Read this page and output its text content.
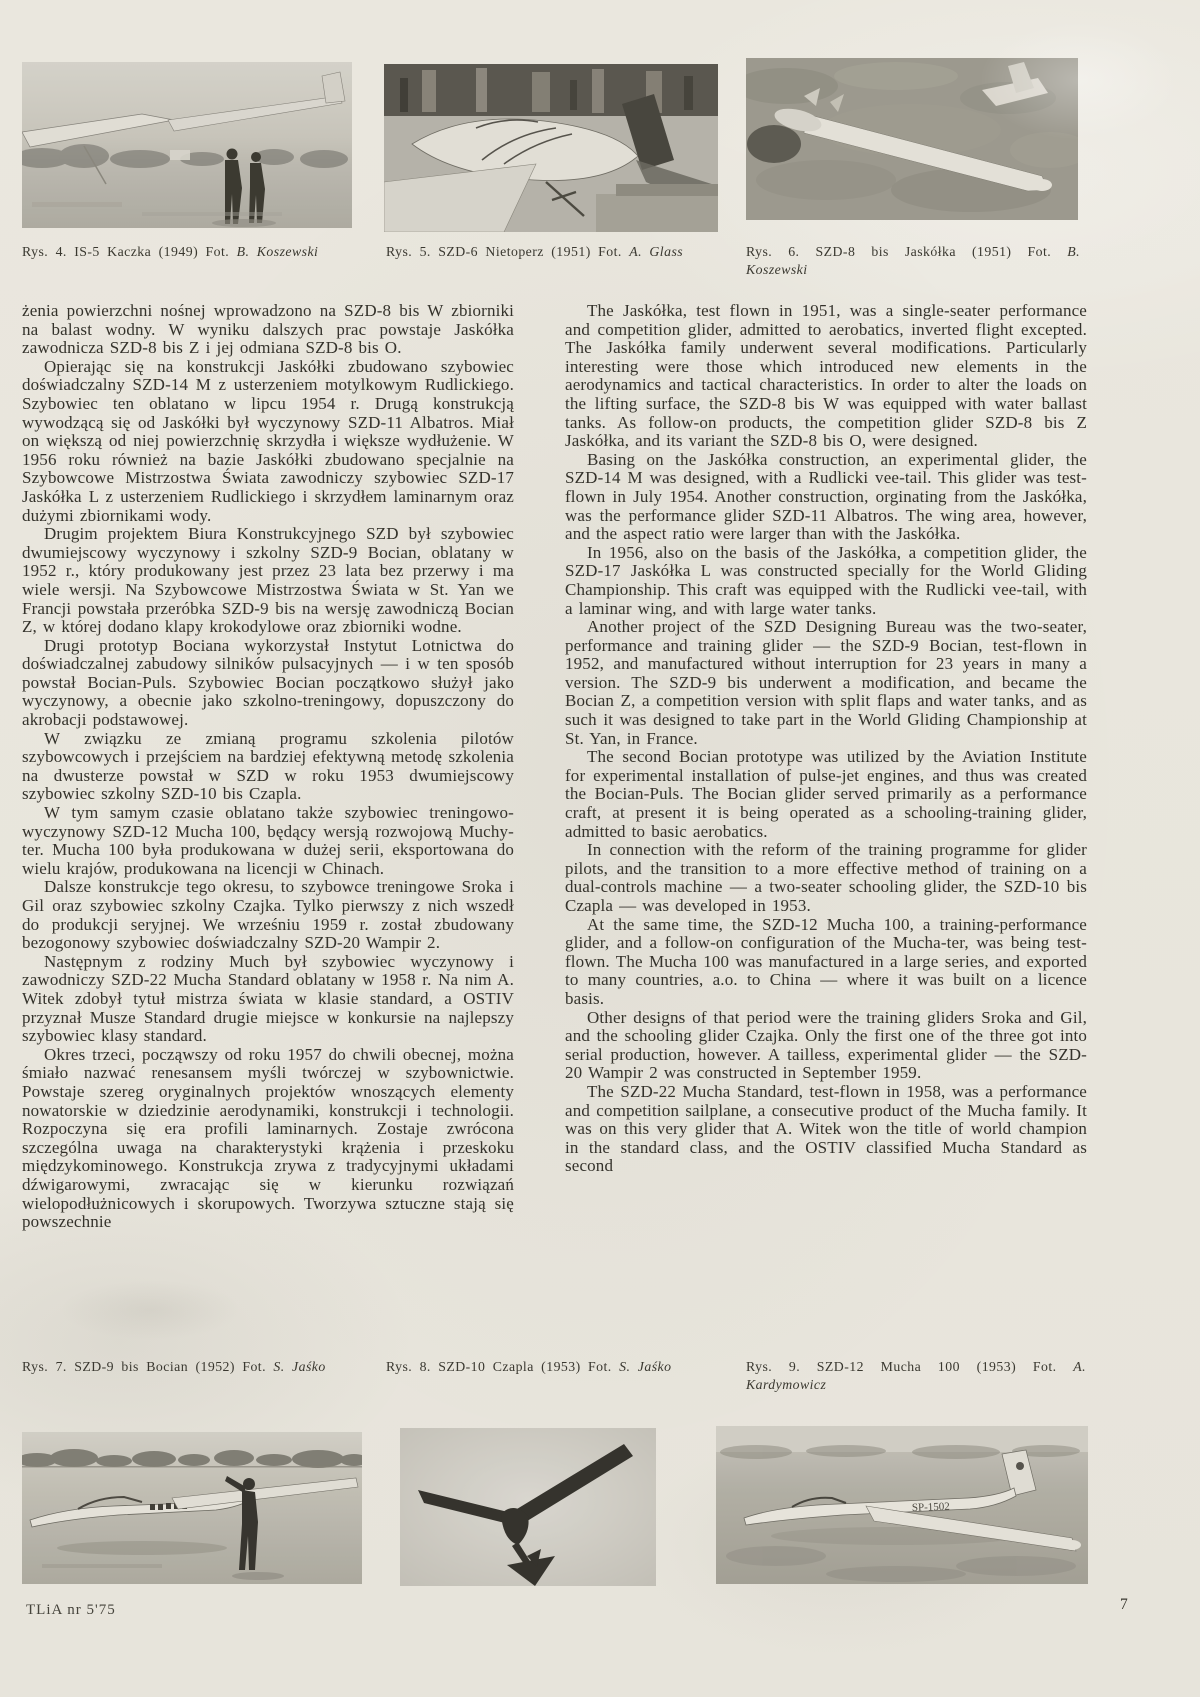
Rys. 4. IS-5 Kaczka (1949) Fot. B. Koszewski	Rys. 5. SZD-6 Nietoperz (1951) Fot. A. Glass	Rys. 6. SZD-8 bis Jaskółka (1951) Fot. B. Koszewski

żenia powierzchni nośnej wprowadzono na SZD-8 bis W zbiorniki na balast wodny. W wyniku dalszych prac powstaje Jaskółka zawodnicza SZD-8 bis Z i jej odmiana SZD-8 bis O.

Opierając się na konstrukcji Jaskółki zbudowano szybowiec doświadczalny SZD-14 M z usterzeniem motylkowym Rudlickiego. Szybowiec ten oblatano w lipcu 1954 r. Drugą konstrukcją wywodzącą się od Jaskółki był wyczynowy SZD-11 Albatros. Miał on większą od niej powierzchnię skrzydła i większe wydłużenie. W 1956 roku również na bazie Jaskółki zbudowano specjalnie na Szybowcowe Mistrzostwa Świata zawodniczy szybowiec SZD-17 Jaskółka L z usterzeniem Rudlickiego i skrzydłem laminarnym oraz dużymi zbiornikami wody.

Drugim projektem Biura Konstrukcyjnego SZD był szybowiec dwumiejscowy wyczynowy i szkolny SZD-9 Bocian, oblatany w 1952 r., który produkowany jest przez 23 lata bez przerwy i ma wiele wersji. Na Szybowcowe Mistrzostwa Świata w St. Yan we Francji powstała przeróbka SZD-9 bis na wersję zawodniczą Bocian Z, w której dodano klapy krokodylowe oraz zbiorniki wodne.

Drugi prototyp Bociana wykorzystał Instytut Lotnictwa do doświadczalnej zabudowy silników pulsacyjnych — i w ten sposób powstał Bocian-Puls. Szybowiec Bocian początkowo służył jako wyczynowy, a obecnie jako szkolno-treningowy, dopuszczony do akrobacji podstawowej.

W związku ze zmianą programu szkolenia pilotów szybowcowych i przejściem na bardziej efektywną metodę szkolenia na dwusterze powstał w SZD w roku 1953 dwumiejscowy szybowiec szkolny SZD-10 bis Czapla.

W tym samym czasie oblatano także szybowiec treningowo-wyczynowy SZD-12 Mucha 100, będący wersją rozwojową Muchy-ter. Mucha 100 była produkowana w dużej serii, eksportowana do wielu krajów, produkowana na licencji w Chinach.

Dalsze konstrukcje tego okresu, to szybowce treningowe Sroka i Gil oraz szybowiec szkolny Czajka. Tylko pierwszy z nich wszedł do produkcji seryjnej. We wrześniu 1959 r. został zbudowany bezogonowy szybowiec doświadczalny SZD-20 Wampir 2.

Następnym z rodziny Much był szybowiec wyczynowy i zawodniczy SZD-22 Mucha Standard oblatany w 1958 r. Na nim A. Witek zdobył tytuł mistrza świata w klasie standard, a OSTIV przyznał Musze Standard drugie miejsce w konkursie na najlepszy szybowiec klasy standard.

Okres trzeci, począwszy od roku 1957 do chwili obecnej, można śmiało nazwać renesansem myśli twórczej w szybownictwie. Powstaje szereg oryginalnych projektów wnoszących elementy nowatorskie w dziedzinie aerodynamiki, konstrukcji i technologii. Rozpoczyna się era profili laminarnych. Zostaje zwrócona szczególna uwaga na charakterystyki krążenia i przeskoku międzykominowego. Konstrukcja zrywa z tradycyjnymi układami dźwigarowymi, zwracając się w kierunku rozwiązań wielopodłużnicowych i skorupowych. Tworzywa sztuczne stają się powszechnie

The Jaskółka, test flown in 1951, was a single-seater performance and competition glider, admitted to aerobatics, inverted flight excepted. The Jaskółka family underwent several modifications. Particularly interesting were those which introduced new elements in the aerodynamics and tactical characteristics. In order to alter the loads on the lifting surface, the SZD-8 bis W was equipped with water ballast tanks. As follow-on products, the competition glider SZD-8 bis Z Jaskółka, and its variant the SZD-8 bis O, were designed.

Basing on the Jaskółka construction, an experimental glider, the SZD-14 M was designed, with a Rudlicki vee-tail. This glider was test-flown in July 1954. Another construction, orginating from the Jaskółka, was the performance glider SZD-11 Albatros. The wing area, however, and the aspect ratio were larger than with the Jaskółka.

In 1956, also on the basis of the Jaskółka, a competition glider, the SZD-17 Jaskółka L was constructed specially for the World Gliding Championship. This craft was equipped with the Rudlicki vee-tail, with a laminar wing, and with large water tanks.

Another project of the SZD Designing Bureau was the two-seater, performance and training glider — the SZD-9 Bocian, test-flown in 1952, and manufactured without interruption for 23 years in many a version. The SZD-9 bis underwent a modification, and became the Bocian Z, a competition version with split flaps and water tanks, and as such it was designed to take part in the World Gliding Championship at St. Yan, in France.

The second Bocian prototype was utilized by the Aviation Institute for experimental installation of pulse-jet engines, and thus was created the Bocian-Puls. The Bocian glider served primarily as a performance craft, at present it is being operated as a schooling-training glider, admitted to basic aerobatics.

In connection with the reform of the training programme for glider pilots, and the transition to a more effective method of training on a dual-controls machine — a two-seater schooling glider, the SZD-10 bis Czapla — was developed in 1953.

At the same time, the SZD-12 Mucha 100, a training-performance glider, and a follow-on configuration of the Mucha-ter, was being test-flown. The Mucha 100 was manufactured in a large series, and exported to many countries, a.o. to China — where it was built on a licence basis.

Other designs of that period were the training gliders Sroka and Gil, and the schooling glider Czajka. Only the first one of the three got into serial production, however. A tailless, experimental glider — the SZD-20 Wampir 2 was constructed in September 1959.

The SZD-22 Mucha Standard, test-flown in 1958, was a performance and competition sailplane, a consecutive product of the Mucha family. It was on this very glider that A. Witek won the title of world champion in the standard class, and the OSTIV classified Mucha Standard as second

Rys. 7. SZD-9 bis Bocian (1952) Fot. S. Jaśko	Rys. 8. SZD-10 Czapla (1953) Fot. S. Jaśko	Rys. 9. SZD-12 Mucha 100 (1953) Fot. A. Kardymowicz
SP-1502
TLiA nr 5'75	7
